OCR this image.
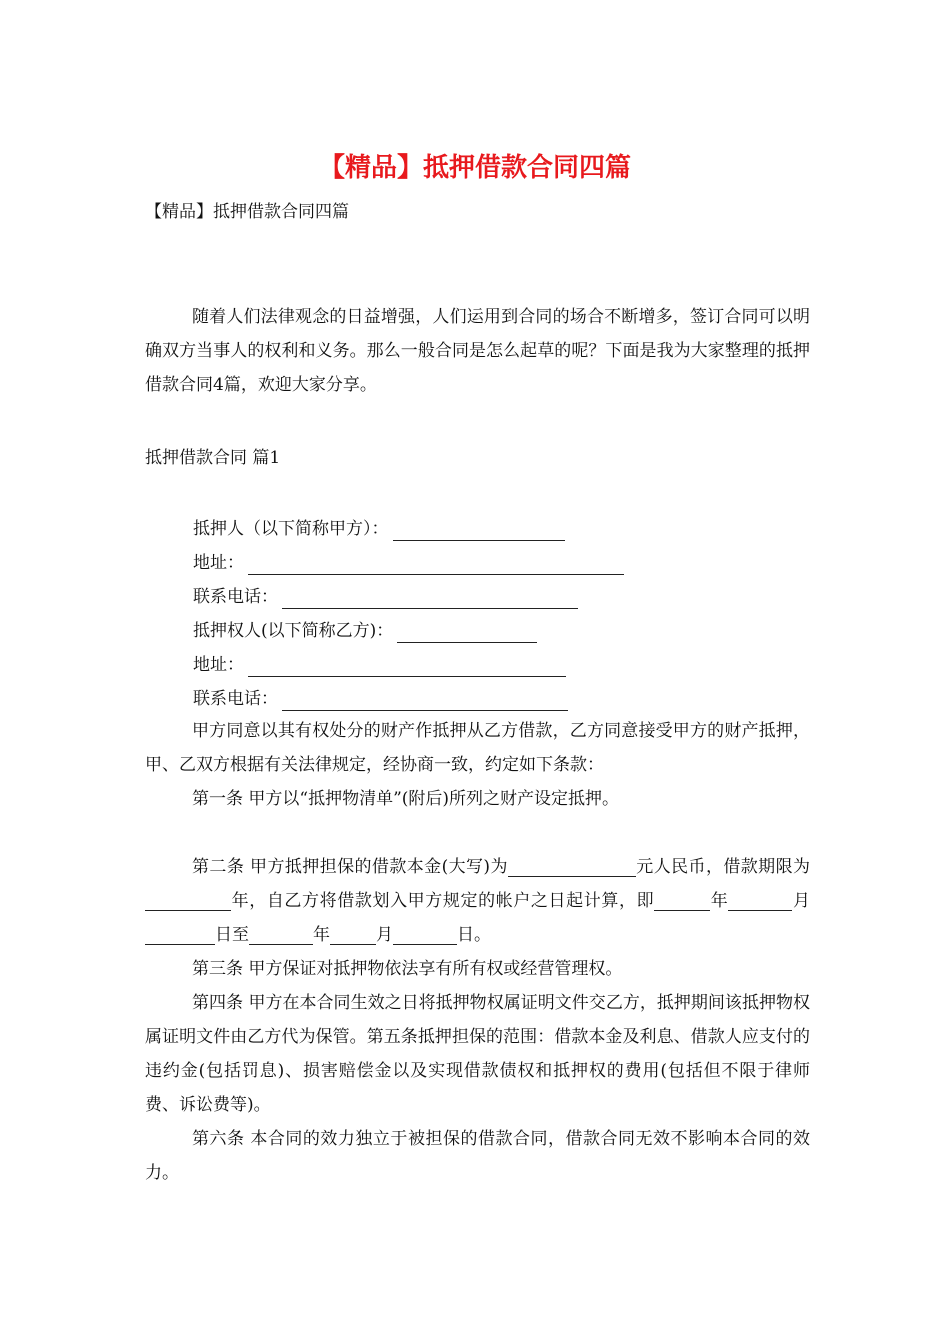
【精品】抵押借款合同四篇
【精品】抵押借款合同四篇

随着人们法律观念的日益增强，人们运用到合同的场合不断增多，签订合同可以明确双方当事人的权利和义务。那么一般合同是怎么起草的呢？下面是我为大家整理的抵押借款合同4篇，欢迎大家分享。

抵押借款合同 篇1
抵押人（以下简称甲方）：
地址：
联系电话：
抵押权人(以下简称乙方)：
地址：
联系电话：

甲方同意以其有权处分的财产作抵押从乙方借款，乙方同意接受甲方的财产抵押，甲、乙双方根据有关法律规定，经协商一致，约定如下条款：

第一条 甲方以“抵押物清单”(附后)所列之财产设定抵押。

第二条 甲方抵押担保的借款本金(大写)为	元人民币，借款期限为年，自乙方将借款划入甲方规定的帐户之日起计算，即	年	月日至	年	月	日。

第三条 甲方保证对抵押物依法享有所有权或经营管理权。

第四条 甲方在本合同生效之日将抵押物权属证明文件交乙方，抵押期间该抵押物权属证明文件由乙方代为保管。第五条抵押担保的范围：借款本金及利息、借款人应支付的违约金(包括罚息)、损害赔偿金以及实现借款债权和抵押权的费用(包括但不限于律师费、诉讼费等)。

第六条 本合同的效力独立于被担保的借款合同，借款合同无效不影响本合同的效力。
